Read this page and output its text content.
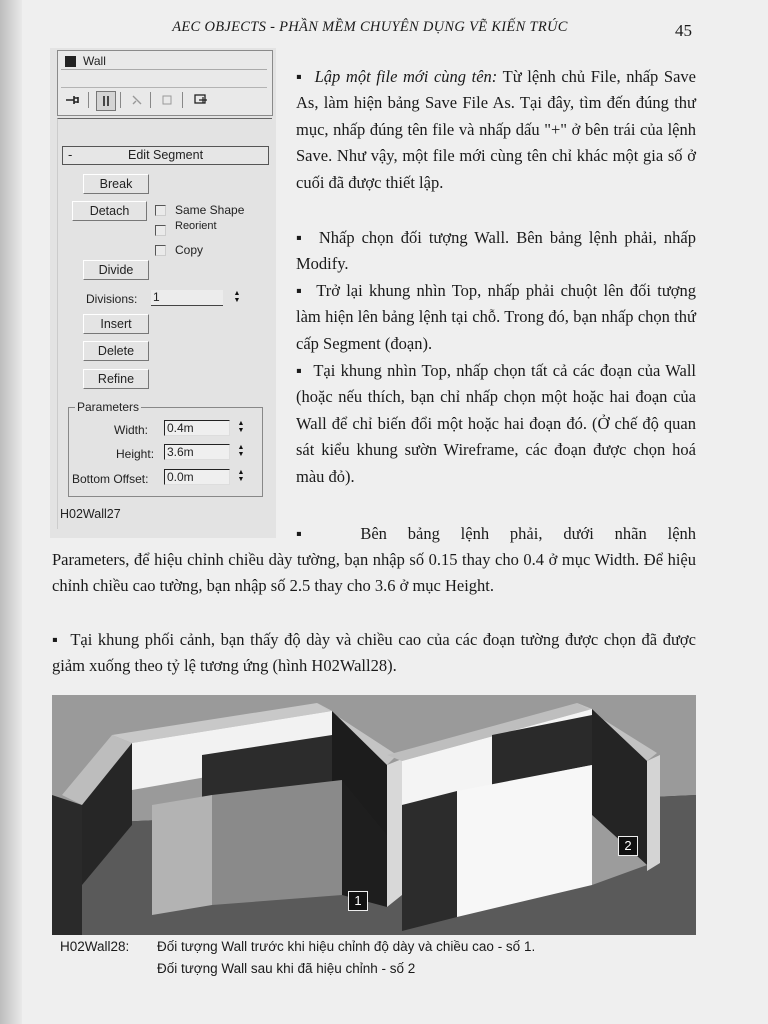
AEC OBJECTS - PHẦN MỀM CHUYÊN DỤNG VẼ KIẾN TRÚC	45
Wall
-	Edit Segment
Break
Detach	Same Shape
Reorient
Copy
Divide
Divisions: 1	▲
▼
Insert
Delete
Refine
Parameters
Width: 0.4m	▲
▼
Height: 3.6m	▲
▼
Bottom Offset: 0.0m	▲
▼
H02Wall27
▪ Lập một file mới cùng tên: Từ lệnh chủ File, nhấp Save As, làm hiện bảng Save File As. Tại đây, tìm đến đúng thư mục, nhấp đúng tên file và nhấp dấu "+" ở bên trái của lệnh Save. Như vậy, một file mới cùng tên chỉ khác một gia số ở cuối đã được thiết lập.
▪ Nhấp chọn đối tượng Wall. Bên bảng lệnh phải, nhấp Modify.
▪ Trở lại khung nhìn Top, nhấp phải chuột lên đối tượng làm hiện lên bảng lệnh tại chỗ. Trong đó, bạn nhấp chọn thứ cấp Segment (đoạn).
▪ Tại khung nhìn Top, nhấp chọn tất cả các đoạn của Wall (hoặc nếu thích, bạn chỉ nhấp chọn một hoặc hai đoạn của Wall để chỉ biến đổi một hoặc hai đoạn đó. (Ở chế độ quan sát kiểu khung sườn Wireframe, các đoạn được chọn hoá màu đỏ).
▪	Bên bảng lệnh phải, dưới nhãn lệnh
Parameters, để hiệu chỉnh chiều dày tường, bạn nhập số 0.15 thay cho 0.4 ở mục Width. Để hiệu chỉnh chiều cao tường, bạn nhập số 2.5 thay cho 3.6 ở mục Height.
▪ Tại khung phối cảnh, bạn thấy độ dày và chiều cao của các đoạn tường được chọn đã được giảm xuống theo tỷ lệ tương ứng (hình H02Wall28).
1
2
H02Wall28: Đối tượng Wall trước khi hiệu chỉnh độ dày và chiều cao - số 1.
Đối tượng Wall sau khi đã hiệu chỉnh - số 2
